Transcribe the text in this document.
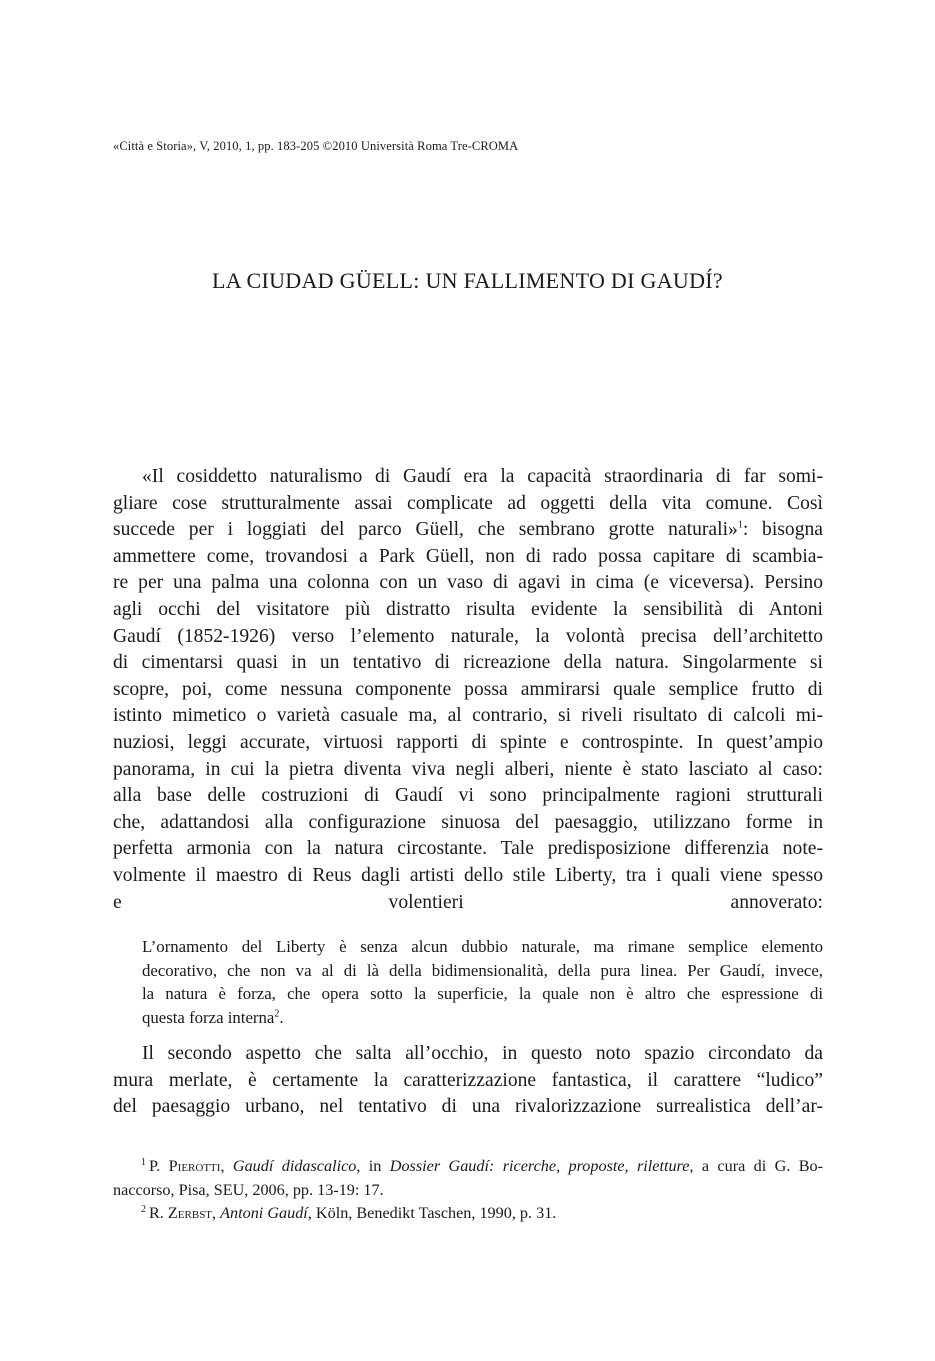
«Città e Storia», V, 2010, 1, pp. 183-205 ©2010 Università Roma Tre-CROMA
LA CIUDAD GÜELL: UN FALLIMENTO DI GAUDÍ?
«Il cosiddetto naturalismo di Gaudí era la capacità straordinaria di far somi-
gliare cose strutturalmente assai complicate ad oggetti della vita comune. Così
succede per i loggiati del parco Güell, che sembrano grotte naturali»$^1$: bisogna
ammettere come, trovandosi a Park Güell, non di rado possa capitare di scambia-
re per una palma una colonna con un vaso di agavi in cima (e viceversa). Persino
agli occhi del visitatore più distratto risulta evidente la sensibilità di Antoni
Gaudí (1852-1926) verso l’elemento naturale, la volontà precisa dell’architetto
di cimentarsi quasi in un tentativo di ricreazione della natura. Singolarmente si
scopre, poi, come nessuna componente possa ammirarsi quale semplice frutto di
istinto mimetico o varietà casuale ma, al contrario, si riveli risultato di calcoli mi-
nuziosi, leggi accurate, virtuosi rapporti di spinte e controspinte. In quest’ampio
panorama, in cui la pietra diventa viva negli alberi, niente è stato lasciato al caso:
alla base delle costruzioni di Gaudí vi sono principalmente ragioni strutturali
che, adattandosi alla configurazione sinuosa del paesaggio, utilizzano forme in
perfetta armonia con la natura circostante. Tale predisposizione differenzia note-
volmente il maestro di Reus dagli artisti dello stile Liberty, tra i quali viene spesso
e volentieri annoverato:
L’ornamento del Liberty è senza alcun dubbio naturale, ma rimane semplice elemento
decorativo, che non va al di là della bidimensionalità, della pura linea. Per Gaudí, invece,
la natura è forza, che opera sotto la superficie, la quale non è altro che espressione di
questa forza interna$^2$.
Il secondo aspetto che salta all’occhio, in questo noto spazio circondato da
mura merlate, è certamente la caratterizzazione fantastica, il carattere “ludico”
del paesaggio urbano, nel tentativo di una rivalorizzazione surrealistica dell’ar-
$^1$ P. Pierotti, Gaudí didascalico, in Dossier Gaudí: ricerche, proposte, riletture, a cura di G. Bo-
naccorso, Pisa, SEU, 2006, pp. 13-19: 17.
$^2$ R. Zerbst, Antoni Gaudí, Köln, Benedikt Taschen, 1990, p. 31.
